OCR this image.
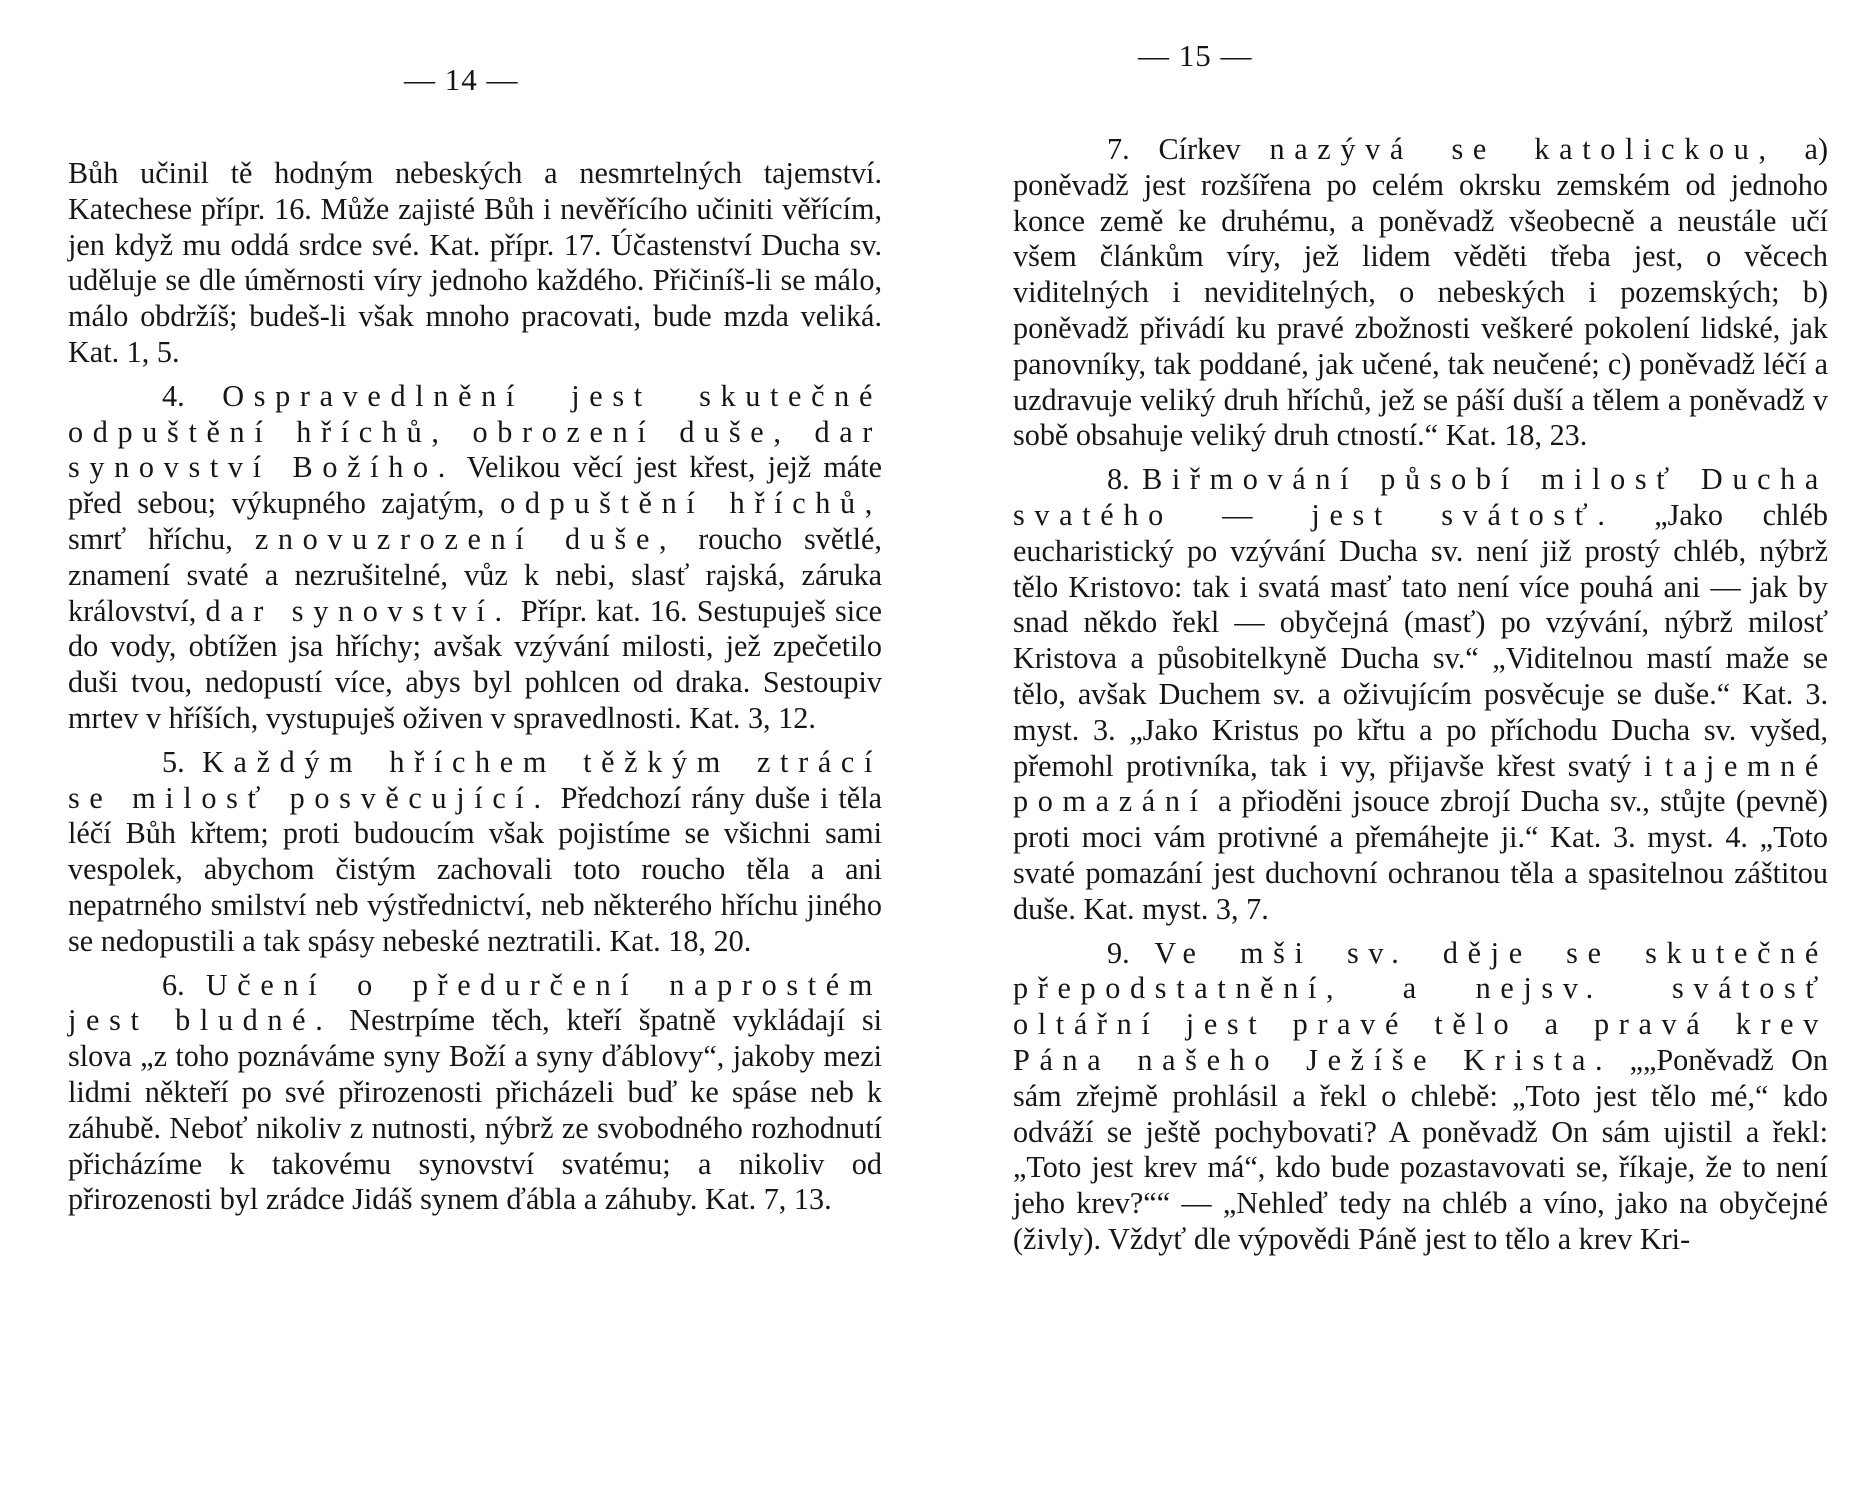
— 14 —

Bůh učinil tě hodným nebeských a nesmrtelných tajemství. Katechese přípr. 16. Může zajisté Bůh i nevěřícího učiniti věřícím, jen když mu oddá srdce své. Kat. přípr. 17. Účastenství Ducha sv. uděluje se dle úměrnosti víry jednoho každého. Přičiníš-li se málo, málo obdržíš; budeš-li však mnoho pracovati, bude mzda veliká. Kat. 1, 5.

4. Ospravedlnění jest skutečné odpuštění hříchů, obrození duše, dar synovství Božího. Velikou věcí jest křest, jejž máte před sebou; výkupného zajatým, odpuštění hříchů, smrť hříchu, znovuzrození duše, roucho světlé, znamení svaté a nezrušitelné, vůz k nebi, slasť rajská, záruka království, dar synovství. Přípr. kat. 16. Sestupuješ sice do vody, obtížen jsa hříchy; avšak vzývání milosti, jež zpečetilo duši tvou, nedopustí více, abys byl pohlcen od draka. Sestoupiv mrtev v hříších, vystupuješ oživen v spravedlnosti. Kat. 3, 12.

5. Každým hříchem těžkým ztrácí se milosť posvěcující. Předchozí rány duše i těla léčí Bůh křtem; proti budoucím však pojistíme se všichni sami vespolek, abychom čistým zachovali toto roucho těla a ani nepatrného smilství neb výstřednictví, neb některého hříchu jiného se nedopustili a tak spásy nebeské neztratili. Kat. 18, 20.

6. Učení o předurčení naprostém jest bludné. Nestrpíme těch, kteří špatně vykládají si slova „z toho poznáváme syny Boží a syny ďáblovy“, jakoby mezi lidmi někteří po své přirozenosti přicházeli buď ke spáse neb k záhubě. Neboť nikoliv z nutnosti, nýbrž ze svobodného rozhodnutí přicházíme k takovému synovství svatému; a nikoliv od přirozenosti byl zrádce Jidáš synem ďábla a záhuby. Kat. 7, 13.

— 15 —

7. Církev nazývá se katolickou, a) poněvadž jest rozšířena po celém okrsku zemském od jednoho konce země ke druhému, a poněvadž všeobecně a neustále učí všem článkům víry, jež lidem věděti třeba jest, o věcech viditelných i neviditelných, o nebeských i pozemských; b) poněvadž přivádí ku pravé zbožnosti veškeré pokolení lidské, jak panovníky, tak poddané, jak učené, tak neučené; c) poněvadž léčí a uzdravuje veliký druh hříchů, jež se páší duší a tělem a poněvadž v sobě obsahuje veliký druh ctností.“ Kat. 18, 23.

8. Biřmování působí milosť Ducha svatého — jest svátosť. „Jako chléb eucharistický po vzývání Ducha sv. není již prostý chléb, nýbrž tělo Kristovo: tak i svatá masť tato není více pouhá ani — jak by snad někdo řekl — obyčejná (masť) po vzývání, nýbrž milosť Kristova a působitelkyně Ducha sv.“ „Viditelnou mastí maže se tělo, avšak Duchem sv. a oživujícím posvěcuje se duše.“ Kat. 3. myst. 3. „Jako Kristus po křtu a po příchodu Ducha sv. vyšed, přemohl protivníka, tak i vy, přijavše křest svatý i tajemné pomazání a přioděni jsouce zbrojí Ducha sv., stůjte (pevně) proti moci vám protivné a přemáhejte ji.“ Kat. 3. myst. 4. „Toto svaté pomazání jest duchovní ochranou těla a spasitelnou záštitou duše. Kat. myst. 3, 7.

9. Ve mši sv. děje se skutečné přepodstatnění, a nejsv. svátosť oltářní jest pravé tělo a pravá krev Pána našeho Ježíše Krista. „„Poněvadž On sám zřejmě prohlásil a řekl o chlebě: „Toto jest tělo mé,“ kdo odváží se ještě pochybovati? A poněvadž On sám ujistil a řekl: „Toto jest krev má“, kdo bude pozastavovati se, říkaje, že to není jeho krev?““ — „Nehleď tedy na chléb a víno, jako na obyčejné (živly). Vždyť dle výpovědi Páně jest to tělo a krev Kri-
